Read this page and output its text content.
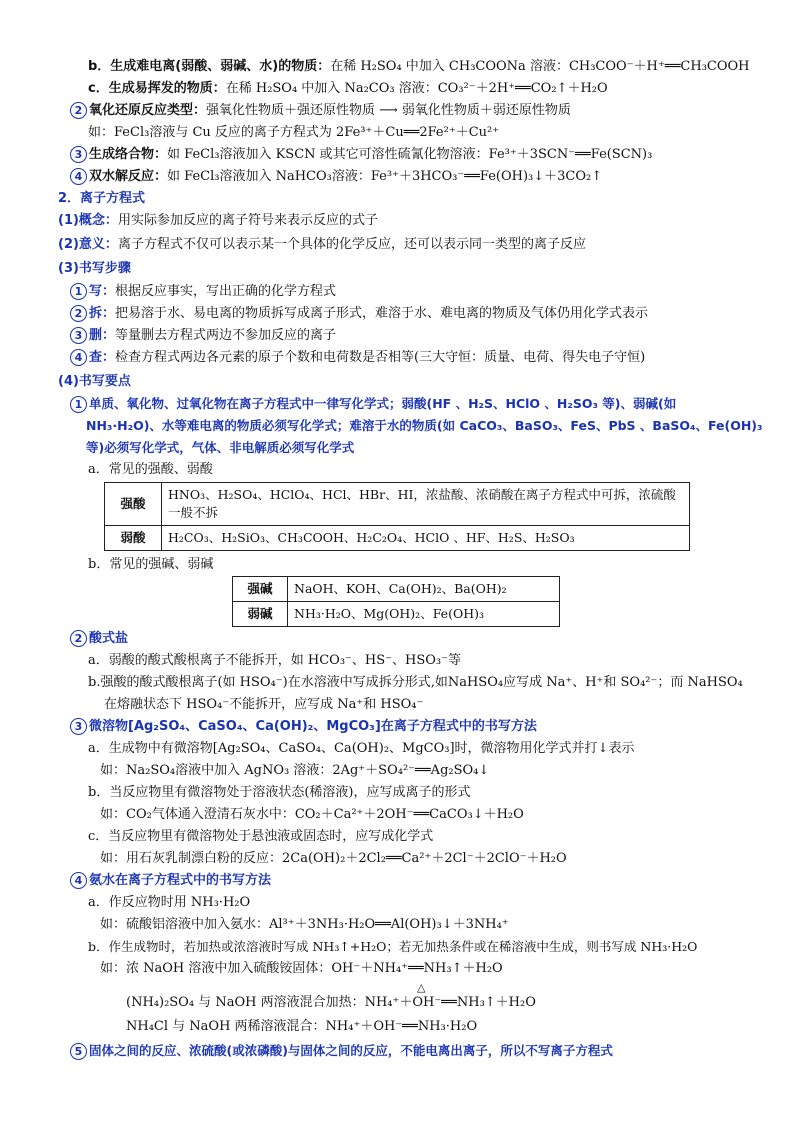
b．生成难电离(弱酸、弱碱、水)的物质：在稀 H₂SO₄ 中加入 CH₃COONa 溶液：CH₃COO⁻＋H⁺══CH₃COOH
c．生成易挥发的物质：在稀 H₂SO₄ 中加入 Na₂CO₃ 溶液：CO₃²⁻＋2H⁺══CO₂↑＋H₂O
2 氧化还原反应类型：强氧化性物质＋强还原性物质 ⟶ 弱氧化性物质＋弱还原性物质
如：FeCl₃溶液与 Cu 反应的离子方程式为 2Fe³⁺＋Cu══2Fe²⁺＋Cu²⁺
3 生成络合物：如 FeCl₃溶液加入 KSCN 或其它可溶性硫氰化物溶液：Fe³⁺＋3SCN⁻══Fe(SCN)₃
4 双水解反应：如 FeCl₃溶液加入 NaHCO₃溶液：Fe³⁺＋3HCO₃⁻══Fe(OH)₃↓＋3CO₂↑
2．离子方程式
(1)概念：用实际参加反应的离子符号来表示反应的式子
(2)意义：离子方程式不仅可以表示某一个具体的化学反应，还可以表示同一类型的离子反应
(3)书写步骤
1 写：根据反应事实，写出正确的化学方程式
2 拆：把易溶于水、易电离的物质拆写成离子形式，难溶于水、难电离的物质及气体仍用化学式表示
3 删：等量删去方程式两边不参加反应的离子
4 查：检查方程式两边各元素的原子个数和电荷数是否相等(三大守恒：质量、电荷、得失电子守恒)
(4)书写要点
1 单质、氧化物、过氧化物在离子方程式中一律写化学式；弱酸(HF 、H₂S、HClO 、H₂SO₃ 等)、弱碱(如
NH₃·H₂O)、水等难电离的物质必须写化学式；难溶于水的物质(如 CaCO₃、BaSO₃、FeS、PbS 、BaSO₄、Fe(OH)₃
等)必须写化学式，气体、非电解质必须写化学式
a．常见的强酸、弱酸
强酸	HNO₃、H₂SO₄、HClO₄、HCl、HBr、HI，浓盐酸、浓硝酸在离子方程式中可拆，浓硫酸一般不拆
弱酸	H₂CO₃、H₂SiO₃、CH₃COOH、H₂C₂O₄、HClO 、HF、H₂S、H₂SO₃
b．常见的强碱、弱碱
强碱	NaOH、KOH、Ca(OH)₂、Ba(OH)₂
弱碱	NH₃·H₂O、Mg(OH)₂、Fe(OH)₃
2 酸式盐
a．弱酸的酸式酸根离子不能拆开，如 HCO₃⁻、HS⁻、HSO₃⁻等
b.强酸的酸式酸根离子(如 HSO₄⁻)在水溶液中写成拆分形式,如NaHSO₄应写成 Na⁺、H⁺和 SO₄²⁻；而 NaHSO₄
在熔融状态下 HSO₄⁻不能拆开，应写成 Na⁺和 HSO₄⁻
3 微溶物[Ag₂SO₄、CaSO₄、Ca(OH)₂、MgCO₃]在离子方程式中的书写方法
a．生成物中有微溶物[Ag₂SO₄、CaSO₄、Ca(OH)₂、MgCO₃]时，微溶物用化学式并打↓表示
如：Na₂SO₄溶液中加入 AgNO₃ 溶液：2Ag⁺＋SO₄²⁻══Ag₂SO₄↓
b．当反应物里有微溶物处于溶液状态(稀溶液)，应写成离子的形式
如：CO₂气体通入澄清石灰水中：CO₂＋Ca²⁺＋2OH⁻══CaCO₃↓＋H₂O
c．当反应物里有微溶物处于悬浊液或固态时，应写成化学式
如：用石灰乳制漂白粉的反应：2Ca(OH)₂＋2Cl₂══Ca²⁺＋2Cl⁻＋2ClO⁻＋H₂O
4 氨水在离子方程式中的书写方法
a．作反应物时用 NH₃·H₂O
如：硫酸铝溶液中加入氨水：Al³⁺＋3NH₃·H₂O══Al(OH)₃↓＋3NH₄⁺
b．作生成物时，若加热或浓溶液时写成 NH₃↑+H₂O；若无加热条件或在稀溶液中生成，则书写成 NH₃·H₂O
如：浓 NaOH 溶液中加入硫酸铵固体：OH⁻＋NH₄⁺══NH₃↑＋H₂O
△
(NH₄)₂SO₄ 与 NaOH 两溶液混合加热：NH₄⁺＋OH⁻══NH₃↑＋H₂O
NH₄Cl 与 NaOH 两稀溶液混合：NH₄⁺＋OH⁻══NH₃·H₂O
5 固体之间的反应、浓硫酸(或浓磷酸)与固体之间的反应，不能电离出离子，所以不写离子方程式
